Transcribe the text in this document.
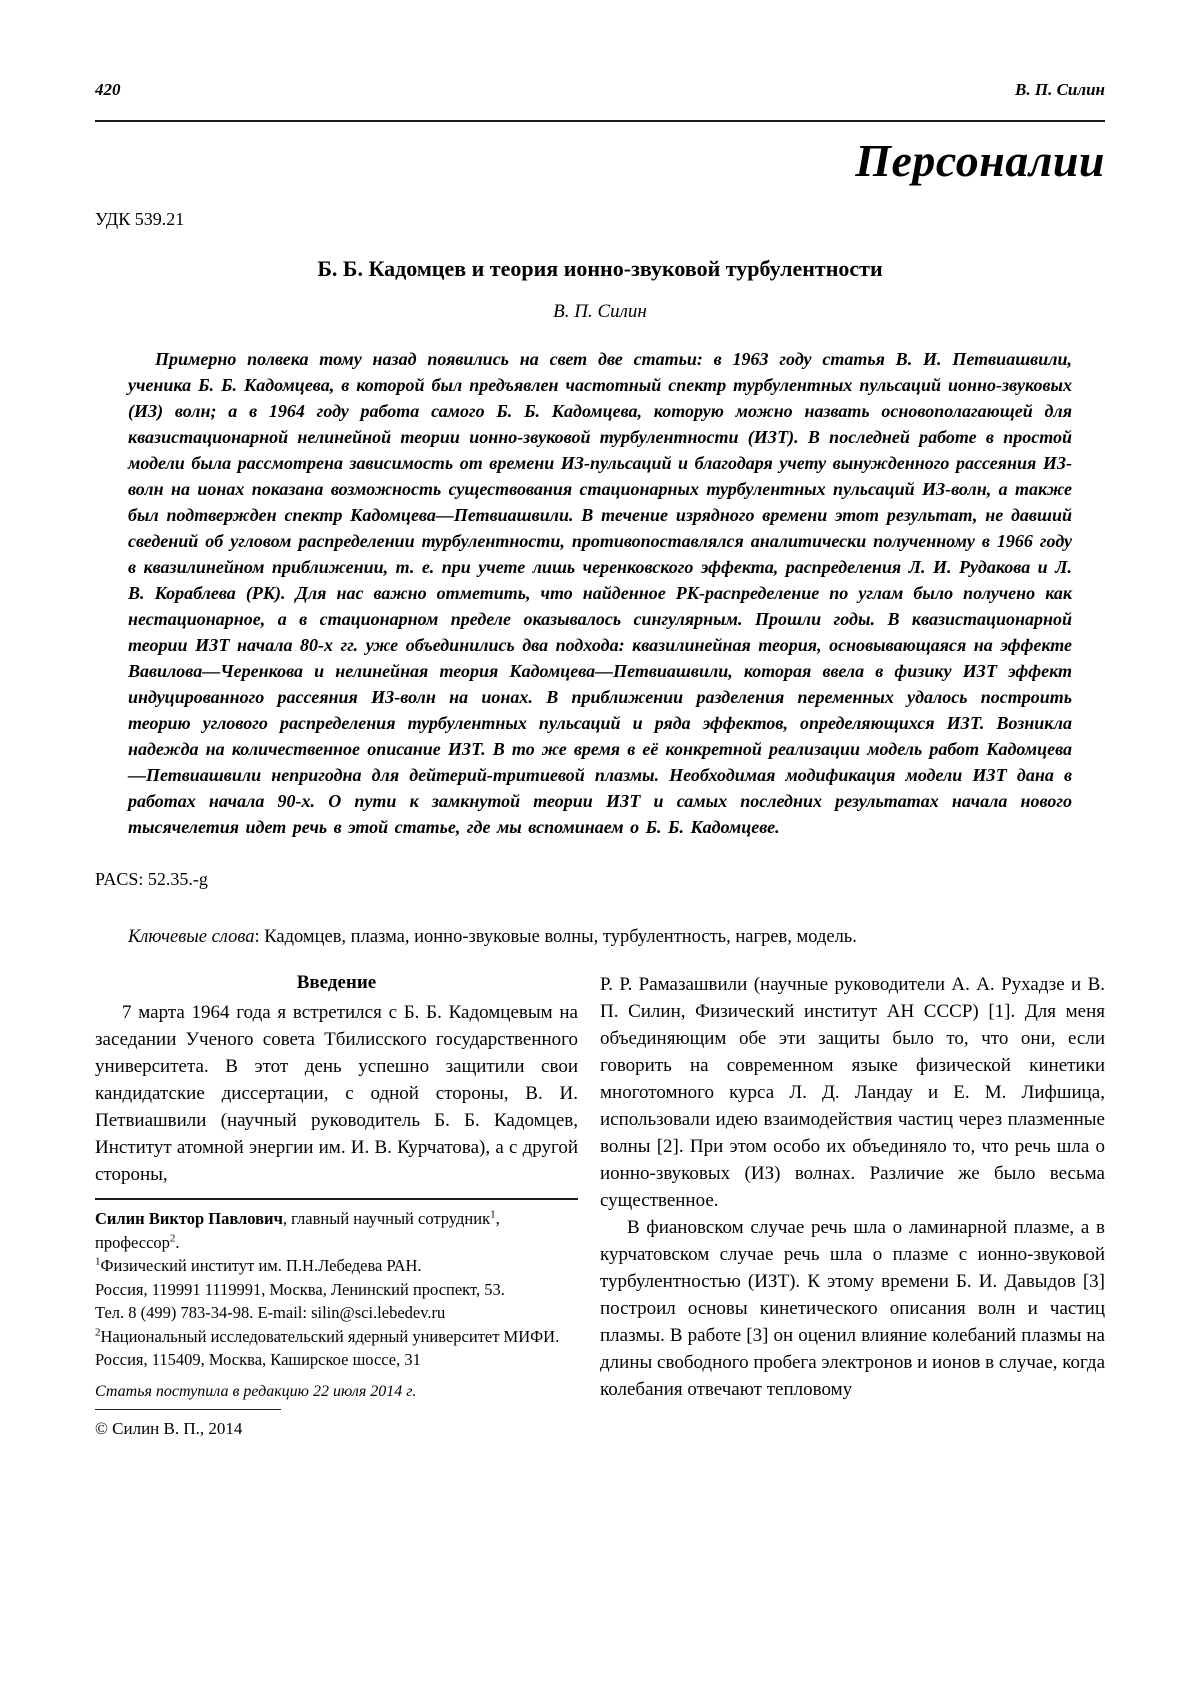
420	В. П. Силин
Персоналии
УДК 539.21
Б. Б. Кадомцев и теория ионно-звуковой турбулентности
В. П. Силин

Примерно полвека тому назад появились на свет две статьи: в 1963 году статья В. И. Петвиашвили, ученика Б. Б. Кадомцева, в которой был предъявлен частотный спектр турбулентных пульсаций ионно-звуковых (ИЗ) волн; а в 1964 году работа самого Б. Б. Кадомцева, которую можно назвать основополагающей для квазистационарной нелинейной теории ионно-звуковой турбулентности (ИЗТ). В последней работе в простой модели была рассмотрена зависимость от времени ИЗ-пульсаций и благодаря учету вынужденного рассеяния ИЗ-волн на ионах показана возможность существования стационарных турбулентных пульсаций ИЗ-волн, а также был подтвержден спектр Кадомцева—Петвиашвили. В течение изрядного времени этот результат, не давший сведений об угловом распределении турбулентности, противопоставлялся аналитически полученному в 1966 году в квазилинейном приближении, т. е. при учете лишь черенковского эффекта, распределения Л. И. Рудакова и Л. В. Кораблева (РК). Для нас важно отметить, что найденное РК-распределение по углам было получено как нестационарное, а в стационарном пределе оказывалось сингулярным. Прошли годы. В квазистационарной теории ИЗТ начала 80-х гг. уже объединились два подхода: квазилинейная теория, основывающаяся на эффекте Вавилова—Черенкова и нелинейная теория Кадомцева—Петвиашвили, которая ввела в физику ИЗТ эффект индуцированного рассеяния ИЗ-волн на ионах. В приближении разделения переменных удалось построить теорию углового распределения турбулентных пульсаций и ряда эффектов, определяющихся ИЗТ. Возникла надежда на количественное описание ИЗТ. В то же время в её конкретной реализации модель работ Кадомцева—Петвиашвили непригодна для дейтерий-тритиевой плазмы. Необходимая модификация модели ИЗТ дана в работах начала 90-х. О пути к замкнутой теории ИЗТ и самых последних результатах начала нового тысячелетия идет речь в этой статье, где мы вспоминаем о Б. Б. Кадомцеве.

PACS: 52.35.-g
Ключевые слова: Кадомцев, плазма, ионно-звуковые волны, турбулентность, нагрев, модель.
Введение

7 марта 1964 года я встретился с Б. Б. Кадомцевым на заседании Ученого совета Тбилисского государственного университета. В этот день успешно защитили свои кандидатские диссертации, с одной стороны, В. И. Петвиашвили (научный руководитель Б. Б. Кадомцев, Институт атомной энергии им. И. В. Курчатова), а с другой стороны,

Силин Виктор Павлович, главный научный сотрудник$^1$, профессор$^2$.

$^1$Физический институт им. П.Н.Лебедева РАН.

Россия, 119991 1119991, Москва, Ленинский проспект, 53.

Тел. 8 (499) 783-34-98. E-mail: silin@sci.lebedev.ru

$^2$Национальный исследовательский ядерный университет МИФИ.

Россия, 115409, Москва, Каширское шоссе, 31

Статья поступила в редакцию 22 июля 2014 г.

© Силин В. П., 2014

Р. Р. Рамазашвили (научные руководители А. А. Рухадзе и В. П. Силин, Физический институт АН СССР) [1]. Для меня объединяющим обе эти защиты было то, что они, если говорить на современном языке физической кинетики многотомного курса Л. Д. Ландау и Е. М. Лифшица, использовали идею взаимодействия частиц через плазменные волны [2]. При этом особо их объединяло то, что речь шла о ионно-звуковых (ИЗ) волнах. Различие же было весьма существенное.

В фиановском случае речь шла о ламинарной плазме, а в курчатовском случае речь шла о плазме с ионно-звуковой турбулентностью (ИЗТ). К этому времени Б. И. Давыдов [3] построил основы кинетического описания волн и частиц плазмы. В работе [3] он оценил влияние колебаний плазмы на длины свободного пробега электронов и ионов в случае, когда колебания отвечают тепловому
